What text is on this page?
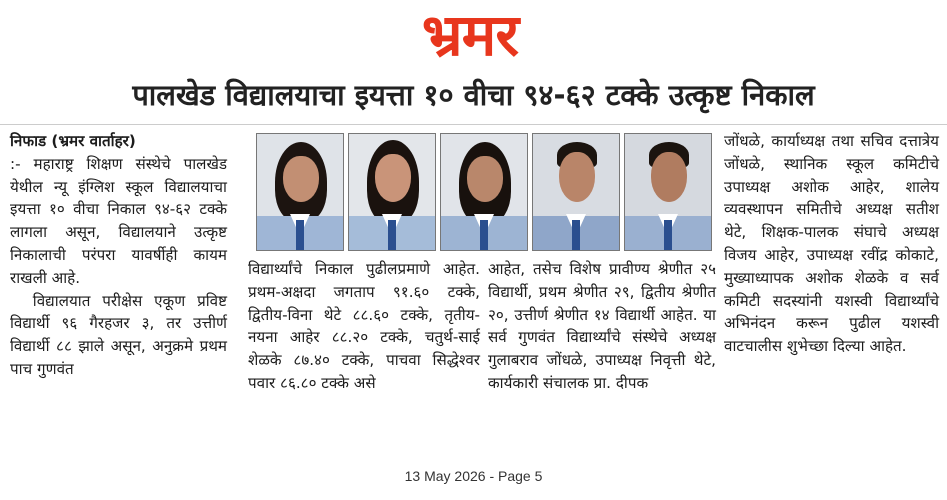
भ्रमर
पालखेड विद्यालयाचा इयत्ता १० वीचा ९४-६२ टक्के उत्कृष्ट निकाल

निफाड (भ्रमर वार्ताहर)

:- महाराष्ट्र शिक्षण संस्थेचे पालखेड येथील न्यू इंग्लिश स्कूल विद्यालयाचा इयत्ता १० वीचा निकाल ९४-६२ टक्के लागला असून, विद्यालयाने उत्कृष्ट निकालाची परंपरा यावर्षीही कायम राखली आहे.

विद्यालयात परीक्षेस एकूण प्रविष्ट विद्यार्थी ९६ गैरहजर ३, तर उत्तीर्ण विद्यार्थी ८८ झाले असून, अनुक्रमे प्रथम पाच गुणवंत

विद्यार्थ्यांचे निकाल पुढीलप्रमाणे आहेत. प्रथम-अक्षदा जगताप ९१.६० टक्के, द्वितीय-विना थेटे ८८.६० टक्के, तृतीय-नयना आहेर ८८.२० टक्के, चतुर्थ-साई शेळके ८७.४० टक्के, पाचवा सिद्धेश्वर पवार ८६.८० टक्के असे

आहेत, तसेच विशेष प्रावीण्य श्रेणीत २५ विद्यार्थी, प्रथम श्रेणीत २९, द्वितीय श्रेणीत २०, उत्तीर्ण श्रेणीत १४ विद्यार्थी आहेत. या सर्व गुणवंत विद्यार्थ्यांचे संस्थेचे अध्यक्ष गुलाबराव जोंधळे, उपाध्यक्ष निवृत्ती थेटे, कार्यकारी संचालक प्रा. दीपक

जोंधळे, कार्याध्यक्ष तथा सचिव दत्तात्रेय जोंधळे, स्थानिक स्कूल कमिटीचे उपाध्यक्ष अशोक आहेर, शालेय व्यवस्थापन समितीचे अध्यक्ष सतीश थेटे, शिक्षक-पालक संघाचे अध्यक्ष विजय आहेर, उपाध्यक्ष रवींद्र कोकाटे, मुख्याध्यापक अशोक शेळके व सर्व कमिटी सदस्यांनी यशस्वी विद्यार्थ्यांचे अभिनंदन करून पुढील यशस्वी वाटचालीस शुभेच्छा दिल्या आहेत.

13 May 2026 - Page 5
